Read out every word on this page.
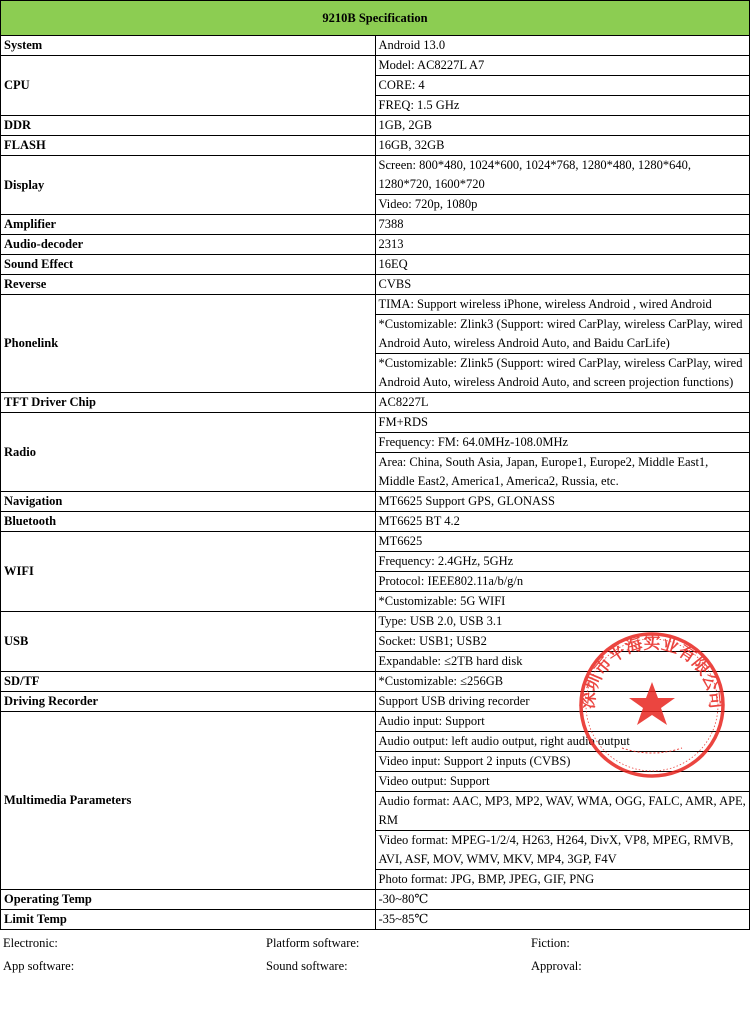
9210B Specification	
System	Android 13.0
CPU	Model: AC8227L A7
	CORE: 4
	FREQ: 1.5 GHz
DDR	1GB, 2GB
FLASH	16GB, 32GB
Display	Screen: 800*480, 1024*600, 1024*768, 1280*480, 1280*640, 1280*720, 1600*720
	Video: 720p, 1080p
Amplifier	7388
Audio-decoder	2313
Sound Effect	16EQ
Reverse	CVBS
Phonelink	TIMA: Support wireless iPhone, wireless Android , wired Android
	*Customizable: Zlink3 (Support: wired CarPlay, wireless CarPlay, wired Android Auto, wireless Android Auto, and Baidu CarLife)
	*Customizable: Zlink5 (Support: wired CarPlay, wireless CarPlay, wired Android Auto, wireless Android Auto, and screen projection functions)
TFT Driver Chip	AC8227L
Radio	FM+RDS
	Frequency: FM: 64.0MHz-108.0MHz
	Area: China, South Asia, Japan, Europe1, Europe2, Middle East1, Middle East2, America1, America2, Russia, etc.
Navigation	MT6625 Support GPS, GLONASS
Bluetooth	MT6625 BT 4.2
WIFI	MT6625
	Frequency: 2.4GHz, 5GHz
	Protocol: IEEE802.11a/b/g/n
	*Customizable: 5G WIFI
USB	Type: USB 2.0, USB 3.1
	Socket: USB1; USB2
	Expandable: ≤2TB hard disk
SD/TF	*Customizable: ≤256GB
Driving Recorder	Support USB driving recorder
Multimedia Parameters	Audio input: Support
	Audio output: left audio output, right audio output
	Video input: Support 2 inputs (CVBS)
	Video output: Support
	Audio format: AAC, MP3, MP2, WAV, WMA, OGG, FALC, AMR, APE, RM
	Video format: MPEG-1/2/4, H263, H264, DivX, VP8, MPEG, RMVB, AVI, ASF, MOV, WMV, MKV, MP4, 3GP, F4V
	Photo format: JPG, BMP, JPEG, GIF, PNG
Operating Temp	-30~80℃
Limit Temp	-35~85℃
Electronic:	Platform software:	Fiction:
App software:	Sound software:	Approval:
深圳市平海实业有限公司
